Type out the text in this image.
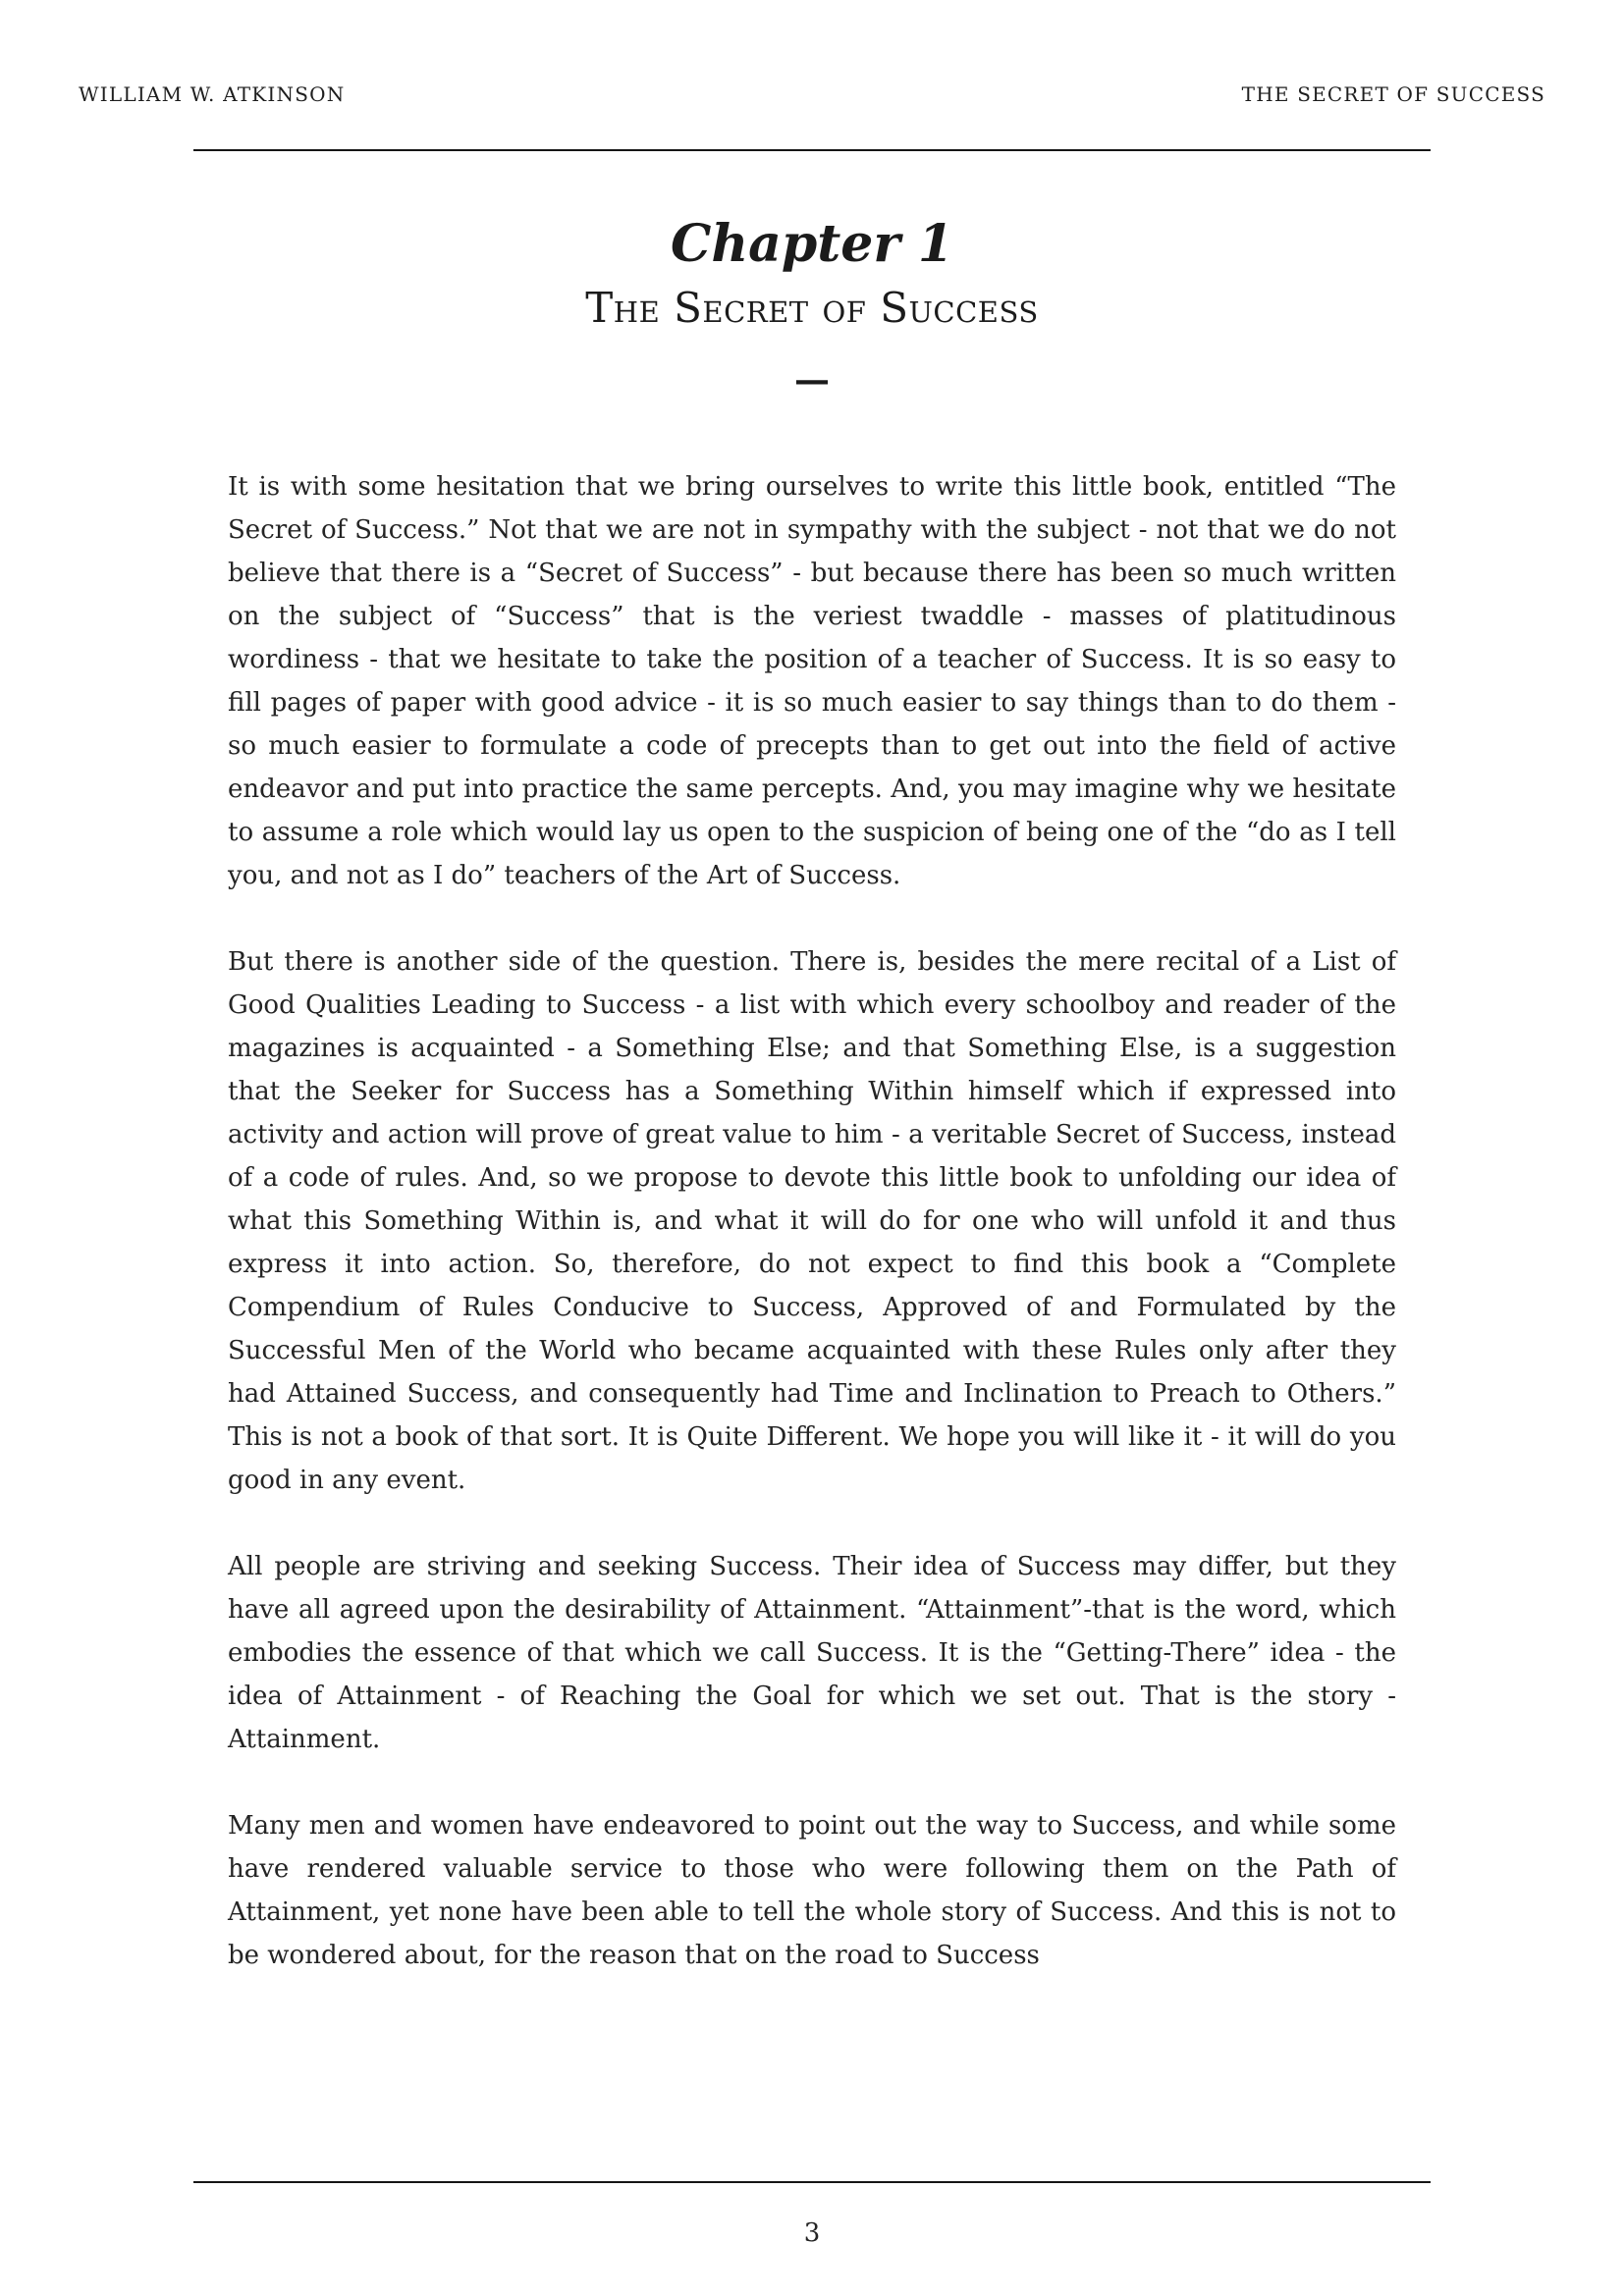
WILLIAM W. ATKINSON	THE SECRET OF SUCCESS
Chapter 1
The Secret of Success
—

It is with some hesitation that we bring ourselves to write this little book, entitled “The Secret of Success.” Not that we are not in sympathy with the subject - not that we do not believe that there is a “Secret of Success” - but because there has been so much written on the subject of “Success” that is the veriest twaddle - masses of platitudinous wordiness - that we hesitate to take the position of a teacher of Success. It is so easy to fill pages of paper with good advice - it is so much easier to say things than to do them - so much easier to formulate a code of precepts than to get out into the field of active endeavor and put into practice the same percepts. And, you may imagine why we hesitate to assume a role which would lay us open to the suspicion of being one of the “do as I tell you, and not as I do” teachers of the Art of Success.

But there is another side of the question. There is, besides the mere recital of a List of Good Qualities Leading to Success - a list with which every schoolboy and reader of the magazines is acquainted - a Something Else; and that Something Else, is a suggestion that the Seeker for Success has a Something Within himself which if expressed into activity and action will prove of great value to him - a veritable Secret of Success, instead of a code of rules. And, so we propose to devote this little book to unfolding our idea of what this Something Within is, and what it will do for one who will unfold it and thus express it into action. So, therefore, do not expect to find this book a “Complete Compendium of Rules Conducive to Success, Approved of and Formulated by the Successful Men of the World who became acquainted with these Rules only after they had Attained Success, and consequently had Time and Inclination to Preach to Others.” This is not a book of that sort. It is Quite Different. We hope you will like it - it will do you good in any event.

All people are striving and seeking Success. Their idea of Success may differ, but they have all agreed upon the desirability of Attainment. “Attainment”-that is the word, which embodies the essence of that which we call Success. It is the “Getting-There” idea - the idea of Attainment - of Reaching the Goal for which we set out. That is the story - Attainment.

Many men and women have endeavored to point out the way to Success, and while some have rendered valuable service to those who were following them on the Path of Attainment, yet none have been able to tell the whole story of Success. And this is not to be wondered about, for the reason that on the road to Success

3
